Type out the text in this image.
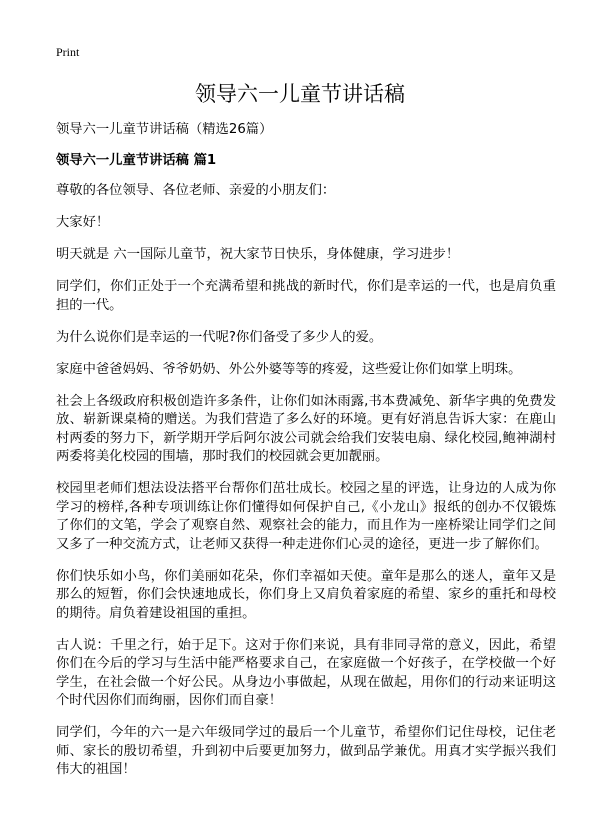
Print
领导六一儿童节讲话稿

领导六一儿童节讲话稿（精选26篇）

领导六一儿童节讲话稿 篇1

尊敬的各位领导、各位老师、亲爱的小朋友们：

大家好！

明天就是 六一国际儿童节，祝大家节日快乐，身体健康，学习进步！

同学们，你们正处于一个充满希望和挑战的新时代，你们是幸运的一代，也是肩负重担的一代。

为什么说你们是幸运的一代呢?你们备受了多少人的爱。

家庭中爸爸妈妈、爷爷奶奶、外公外婆等等的疼爱，这些爱让你们如掌上明珠。

社会上各级政府积极创造许多条件，让你们如沐雨露,书本费减免、新华字典的免费发放、崭新课桌椅的赠送。为我们营造了多么好的环境。更有好消息告诉大家：在鹿山村两委的努力下，新学期开学后阿尔波公司就会给我们安装电扇、绿化校园,鲍神湖村两委将美化校园的围墙，那时我们的校园就会更加靓丽。

校园里老师们想法设法搭平台帮你们茁壮成长。校园之星的评选，让身边的人成为你学习的榜样,各种专项训练让你们懂得如何保护自己,《小龙山》报纸的创办不仅锻炼了你们的文笔，学会了观察自然、观察社会的能力，而且作为一座桥梁让同学们之间又多了一种交流方式，让老师又获得一种走进你们心灵的途径，更进一步了解你们。

你们快乐如小鸟，你们美丽如花朵，你们幸福如天使。童年是那么的迷人，童年又是那么的短暂，你们会快速地成长，你们身上又肩负着家庭的希望、家乡的重托和母校的期待。肩负着建设祖国的重担。

古人说：千里之行，始于足下。这对于你们来说，具有非同寻常的意义，因此，希望你们在今后的学习与生活中能严格要求自己，在家庭做一个好孩子，在学校做一个好学生，在社会做一个好公民。从身边小事做起，从现在做起，用你们的行动来证明这个时代因你们而绚丽，因你们而自豪！

同学们，今年的六一是六年级同学过的最后一个儿童节，希望你们记住母校，记住老师、家长的殷切希望，升到初中后要更加努力，做到品学兼优。用真才实学振兴我们伟大的祖国！
